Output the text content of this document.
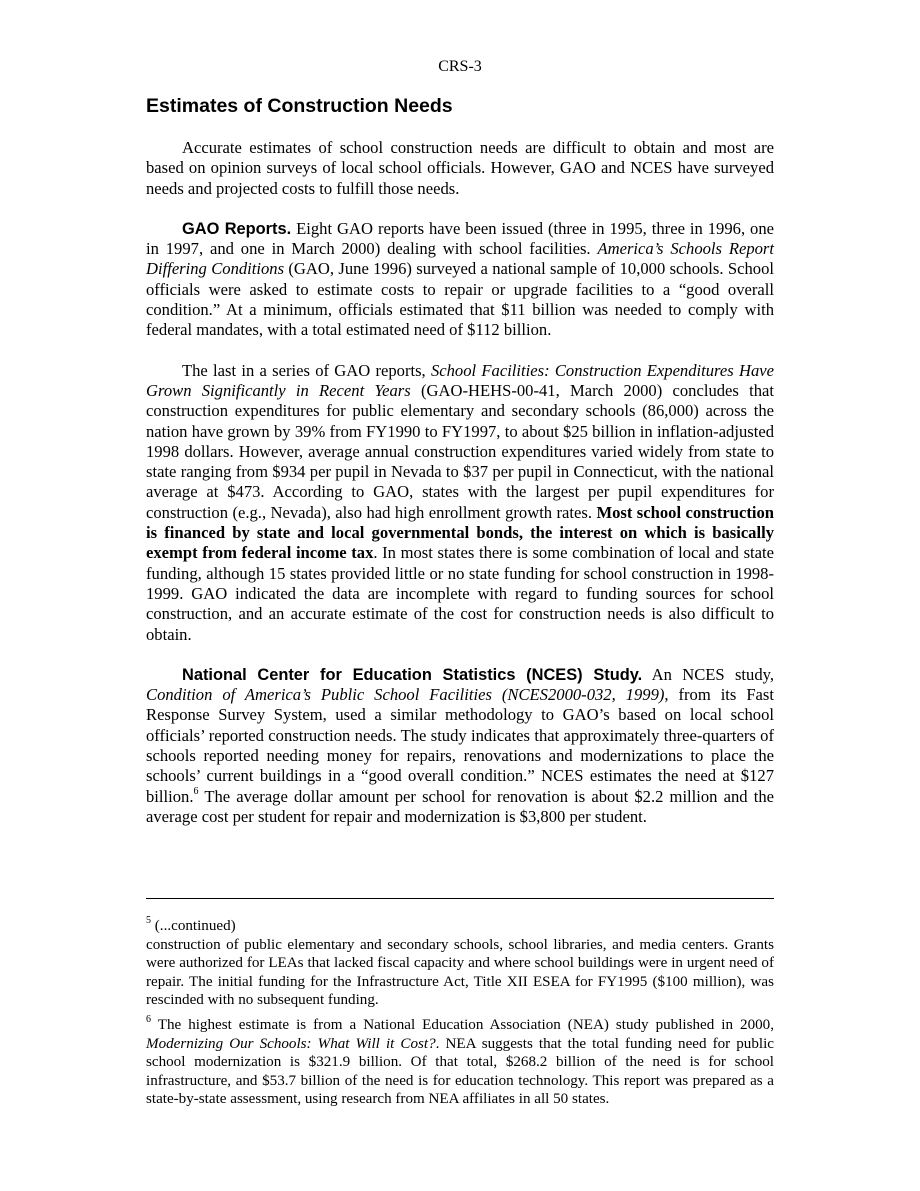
CRS-3
Estimates of Construction Needs

Accurate estimates of school construction needs are difficult to obtain and most are based on opinion surveys of local school officials. However, GAO and NCES have surveyed needs and projected costs to fulfill those needs.

GAO Reports. Eight GAO reports have been issued (three in 1995, three in 1996, one in 1997, and one in March 2000) dealing with school facilities. America’s Schools Report Differing Conditions (GAO, June 1996) surveyed a national sample of 10,000 schools. School officials were asked to estimate costs to repair or upgrade facilities to a “good overall condition.” At a minimum, officials estimated that $11 billion was needed to comply with federal mandates, with a total estimated need of $112 billion.

The last in a series of GAO reports, School Facilities: Construction Expenditures Have Grown Significantly in Recent Years (GAO-HEHS-00-41, March 2000) concludes that construction expenditures for public elementary and secondary schools (86,000) across the nation have grown by 39% from FY1990 to FY1997, to about $25 billion in inflation-adjusted 1998 dollars. However, average annual construction expenditures varied widely from state to state ranging from $934 per pupil in Nevada to $37 per pupil in Connecticut, with the national average at $473. According to GAO, states with the largest per pupil expenditures for construction (e.g., Nevada), also had high enrollment growth rates. Most school construction is financed by state and local governmental bonds, the interest on which is basically exempt from federal income tax. In most states there is some combination of local and state funding, although 15 states provided little or no state funding for school construction in 1998-1999. GAO indicated the data are incomplete with regard to funding sources for school construction, and an accurate estimate of the cost for construction needs is also difficult to obtain.

National Center for Education Statistics (NCES) Study. An NCES study, Condition of America’s Public School Facilities (NCES2000-032, 1999), from its Fast Response Survey System, used a similar methodology to GAO’s based on local school officials’ reported construction needs. The study indicates that approximately three-quarters of schools reported needing money for repairs, renovations and modernizations to place the schools’ current buildings in a “good overall condition.” NCES estimates the need at $127 billion.$^6$ The average dollar amount per school for renovation is about $2.2 million and the average cost per student for repair and modernization is $3,800 per student.

$^5$ (...continued)
construction of public elementary and secondary schools, school libraries, and media centers. Grants were authorized for LEAs that lacked fiscal capacity and where school buildings were in urgent need of repair. The initial funding for the Infrastructure Act, Title XII ESEA for FY1995 ($100 million), was rescinded with no subsequent funding.
$^6$ The highest estimate is from a National Education Association (NEA) study published in 2000, Modernizing Our Schools: What Will it Cost?. NEA suggests that the total funding need for public school modernization is $321.9 billion. Of that total, $268.2 billion of the need is for school infrastructure, and $53.7 billion of the need is for education technology. This report was prepared as a state-by-state assessment, using research from NEA affiliates in all 50 states.
